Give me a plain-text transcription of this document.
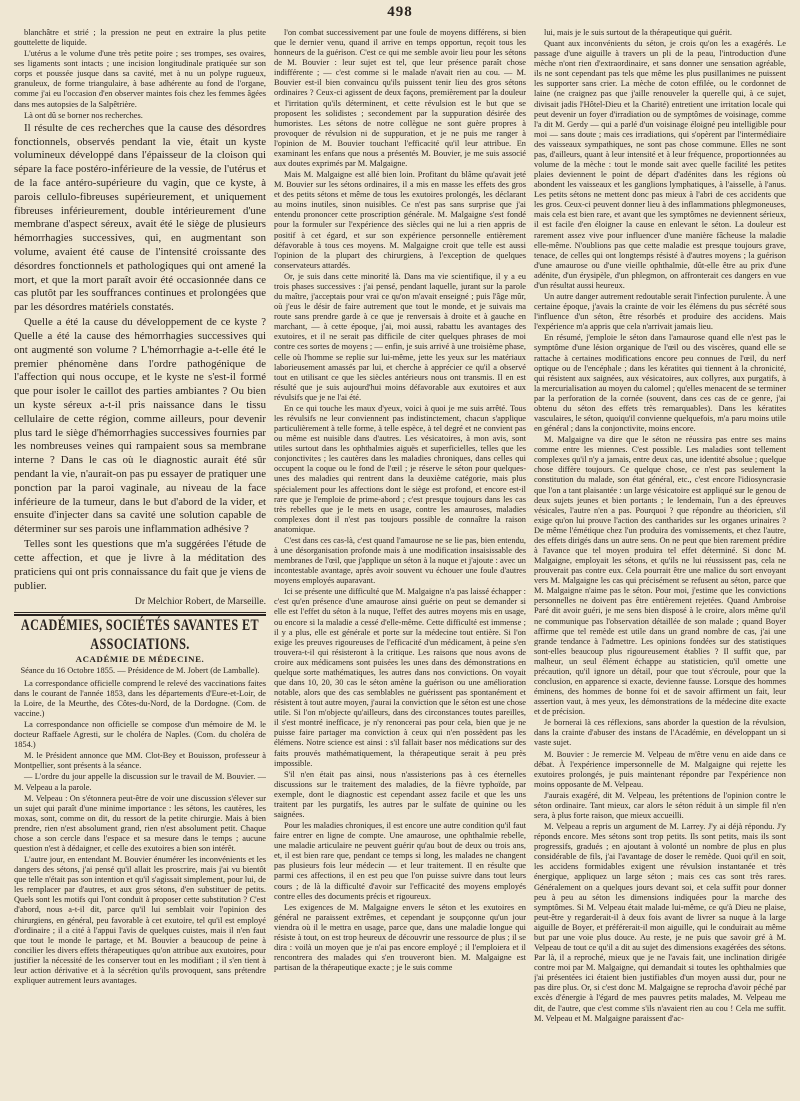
498

blanchâtre et strié ; la pression ne peut en extraire la plus petite gouttelette de liquide.

L'utérus a le volume d'une très petite poire ; ses trompes, ses ovaires, ses ligaments sont intacts ; une incision longitudinale pratiquée sur son corps et poussée jusque dans sa cavité, met à nu un polype rugueux, granuleux, de forme triangulaire, à base adhérente au fond de l'organe, comme j'ai eu l'occasion d'en observer maintes fois chez les femmes âgées dans mes autopsies de la Salpêtrière.

Là ont dû se borner nos recherches.

Il résulte de ces recherches que la cause des désordres fonctionnels, observés pendant la vie, était un kyste volumineux développé dans l'épaisseur de la cloison qui sépare la face postéro-inférieure de la vessie, de l'utérus et de la face antéro-supérieure du vagin, que ce kyste, à parois cellulo-fibreuses supérieurement, et uniquement fibreuses inférieurement, double intérieurement d'une membrane d'aspect séreux, avait été le siège de plusieurs hémorrhagies successives, qui, en augmentant son volume, avaient été cause de l'intensité croissante des désordres fonctionnels et pathologiques qui ont amené la mort, et que la mort paraît avoir été occasionnée dans ce cas plutôt par les souffrances continues et prolongées que par les désordres matériels constatés.

Quelle a été la cause du développement de ce kyste ? Quelle a été la cause des hémorrhagies successives qui ont augmenté son volume ? L'hémorrhagie a-t-elle été le premier phénomène dans l'ordre pathogénique de l'affection qui nous occupe, et le kyste ne s'est-il formé que pour isoler le caillot des parties ambiantes ? Ou bien un kyste séreux a-t-il pris naissance dans le tissu cellulaire de cette région, comme ailleurs, pour devenir plus tard le siège d'hémorrhagies successives fournies par les nombreuses veines qui rampaient sous sa membrane interne ? Dans le cas où le diagnostic aurait été sûr pendant la vie, n'aurait-on pas pu essayer de pratiquer une ponction par la paroi vaginale, au niveau de la face inférieure de la tumeur, dans le but d'abord de la vider, et ensuite d'injecter dans sa cavité une solution capable de déterminer sur ses parois une inflammation adhésive ?

Telles sont les questions que m'a suggérées l'étude de cette affection, et que je livre à la méditation des praticiens qui ont pris connaissance du fait que je viens de publier.

Dr Melchior Robert, de Marseille.
ACADÉMIES, SOCIÉTÉS SAVANTES ET ASSOCIATIONS.
ACADÉMIE DE MÉDECINE.
Séance du 16 Octobre 1855. — Présidence de M. Jobert (de Lamballe).

La correspondance officielle comprend le relevé des vaccinations faites dans le courant de l'année 1853, dans les départements d'Eure-et-Loir, de la Loire, de la Meurthe, des Côtes-du-Nord, de la Dordogne. (Com. de vaccine.)

La correspondance non officielle se compose d'un mémoire de M. le docteur Raffaele Agresti, sur le choléra de Naples. (Com. du choléra de 1854.)

M. le Président annonce que MM. Clot-Bey et Bouisson, professeur à Montpellier, sont présents à la séance.

— L'ordre du jour appelle la discussion sur le travail de M. Bouvier. — M. Velpeau a la parole.

M. Velpeau : On s'étonnera peut-être de voir une discussion s'élever sur un sujet qui paraît d'une minime importance : les sétons, les cautères, les moxas, sont, comme on dit, du ressort de la petite chirurgie. Mais à bien prendre, rien n'est absolument grand, rien n'est absolument petit. Chaque chose a son cercle dans l'espace et sa mesure dans le temps ; aucune question n'est à dédaigner, et celle des exutoires a bien son intérêt.

L'autre jour, en entendant M. Bouvier énumérer les inconvénients et les dangers des sétons, j'ai pensé qu'il allait les proscrire, mais j'ai vu bientôt que telle n'était pas son intention et qu'il s'agissait simplement, pour lui, de les remplacer par d'autres, et aux gros sétons, d'en substituer de petits. Quels sont les motifs qui l'ont conduit à proposer cette substitution ? C'est d'abord, nous a-t-il dit, parce qu'il lui semblait voir l'opinion des chirurgiens, en général, peu favorable à cet exutoire, tel qu'il est employé d'ordinaire ; il a cité à l'appui l'avis de quelques cuistes, mais il n'en faut que tout le monde le partage, et M. Bouvier a beaucoup de peine à concilier les divers effets thérapeutiques qu'on attribue aux exutoires, pour justifier la nécessité de les conserver tout en les modifiant ; il s'en tient à leur action dérivative et à la sécrétion qu'ils provoquent, sans prétendre expliquer autrement leurs avantages.

l'on combat successivement par une foule de moyens différens, si bien que le dernier venu, quand il arrive en temps opportun, reçoit tous les honneurs de la guérison. C'est ce qui me semble avoir lieu pour les sétons de M. Bouvier : leur sujet est tel, que leur présence paraît chose indifférente ; — c'est comme si le malade n'avait rien au cou. — M. Bouvier est-il bien convaincu qu'ils puissent tenir lieu des gros sétons ordinaires ? Ceux-ci agissent de deux façons, premièrement par la douleur et l'irritation qu'ils déterminent, et cette révulsion est le but que se proposent les solidistes ; secondement par la suppuration désirée des humoristes. Les sétons de notre collègue ne sont guère propres à provoquer de révulsion ni de suppuration, et je ne puis me ranger à l'opinion de M. Bouvier touchant l'efficacité qu'il leur attribue. En examinant les enfans que nous a présentés M. Bouvier, je me suis associé aux doutes exprimés par M. Malgaigne.

Mais M. Malgaigne est allé bien loin. Profitant du blâme qu'avait jeté M. Bouvier sur les sétons ordinaires, il a mis en masse les effets des gros et des petits sétons et même de tous les exutoires prolongés, les déclarant au moins inutiles, sinon nuisibles. Ce n'est pas sans surprise que j'ai entendu prononcer cette proscription générale. M. Malgaigne s'est fondé pour la formuler sur l'expérience des siècles qui ne lui a rien appris de positif à cet égard, et sur son expérience personnelle entièrement défavorable à tous ces moyens. M. Malgaigne croit que telle est aussi l'opinion de la plupart des chirurgiens, à l'exception de quelques conservateurs attardés.

Or, je suis dans cette minorité là. Dans ma vie scientifique, il y a eu trois phases successives : j'ai pensé, pendant laquelle, jurant sur la parole du maître, j'acceptais pour vrai ce qu'on m'avait enseigné ; puis l'âge mûr, où j'eus le désir de faire autrement que tout le monde, et je suivais ma route sans prendre garde à ce que je renversais à droite et à gauche en marchant, — à cette époque, j'ai, moi aussi, rabattu les avantages des exutoires, et il ne serait pas difficile de citer quelques phrases de moi contre ces sortes de moyens ; — enfin, je suis arrivé à une troisième phase, celle où l'homme se replie sur lui-même, jette les yeux sur les matériaux laborieusement amassés par lui, et cherche à apprécier ce qu'il a observé tout en utilisant ce que les siècles antérieurs nous ont transmis. Il en est résulté que je suis aujourd'hui moins défavorable aux exutoires et aux révulsifs que je ne l'ai été.

En ce qui touche les maux d'yeux, voici à quoi je me suis arrêté. Tous les révulsifs ne leur conviennent pas indistinctement, chacun s'applique particulièrement à telle forme, à telle espèce, à tel degré et ne convient pas ou même est nuisible dans d'autres. Les vésicatoires, à mon avis, sont utiles surtout dans les ophthalmies aiguës et superficielles, telles que les conjonctivites ; les cautères dans les maladies chroniques, dans celles qui occupent la coque ou le fond de l'œil ; je réserve le séton pour quelques-unes des maladies qui rentrent dans la deuxième catégorie, mais plus spécialement pour les affections dont le siège est profond, et encore est-il rare que je l'emploie de prime-abord ; c'est presque toujours dans les cas très rebelles que je le mets en usage, contre les amauroses, maladies complexes dont il n'est pas toujours possible de connaître la raison anatomique.

C'est dans ces cas-là, c'est quand l'amaurose ne se lie pas, bien entendu, à une désorganisation profonde mais à une modification insaisissable des membranes de l'œil, que j'applique un séton à la nuque et j'ajoute : avec un incontestable avantage, après avoir souvent vu échouer une foule d'autres moyens employés auparavant.

Ici se présente une difficulté que M. Malgaigne n'a pas laissé échapper : c'est qu'en présence d'une amaurose ainsi guérie on peut se demander si elle est l'effet du séton à la nuque, l'effet des autres moyens mis en usage, ou encore si la maladie a cessé d'elle-même. Cette difficulté est immense ; il y a plus, elle est générale et porte sur la médecine tout entière. Si l'on exige les preuves rigoureuses de l'efficacité d'un médicament, à peine s'en trouvera-t-il qui résisteront à la critique. Les raisons que nous avons de croire aux médicamens sont puisées les unes dans des démonstrations en quelque sorte mathématiques, les autres dans nos convictions. On voyait que dans 10, 20, 30 cas le séton amène la guérison ou une amélioration notable, alors que des cas semblables ne guérissent pas spontanément et résistent à tout autre moyen, j'aurai la conviction que le séton est une chose utile. Si l'on m'objecte qu'ailleurs, dans des circonstances toutes pareilles, il s'est montré inefficace, je n'y renoncerai pas pour cela, bien que je ne puisse faire partager ma conviction à ceux qui n'en possèdent pas les élémens. Notre science est ainsi : s'il fallait baser nos médications sur des faits prouvés mathématiquement, la thérapeutique serait à peu près impossible.

S'il n'en était pas ainsi, nous n'assisterions pas à ces éternelles discussions sur le traitement des maladies, de la fièvre typhoïde, par exemple, dont le diagnostic est cependant assez facile et que les uns traitent par les purgatifs, les autres par le sulfate de quinine ou les saignées.

Pour les maladies chroniques, il est encore une autre condition qu'il faut faire entrer en ligne de compte. Une amaurose, une ophthalmie rebelle, une maladie articulaire ne peuvent guérir qu'au bout de deux ou trois ans, et, il est bien rare que, pendant ce temps si long, les malades ne changent pas plusieurs fois leur médecin — et leur traitement. Il en résulte que parmi ces affections, il en est peu que l'on puisse suivre dans tout leurs cours ; de là la difficulté d'avoir sur l'efficacité des moyens employés contre elles des documents précis et rigoureux.

Les exigences de M. Malgaigne envers le séton et les exutoires en général ne paraissent extrêmes, et cependant je soupçonne qu'un jour viendra où il le mettra en usage, parce que, dans une maladie longue qui résiste à tout, on est trop heureux de découvrir une ressource de plus ; il se dira : voilà un moyen que je n'ai pas encore employé ; il l'emploiera et il rencontrera des malades qui s'en trouveront bien. M. Malgaigne est partisan de la thérapeutique exacte ; je le suis comme

lui, mais je le suis surtout de la thérapeutique qui guérit.

Quant aux inconvénients du séton, je crois qu'on les a exagérés. Le passage d'une aiguille à travers un pli de la peau, l'introduction d'une mèche n'ont rien d'extraordinaire, et sans donner une sensation agréable, ils ne sont cependant pas tels que même les plus pusillanimes ne puissent les supporter sans crier. La mèche de coton effilée, ou le cordonnet de laine (ne craignez pas que j'aille renouveler la querelle qui, à ce sujet, divisait jadis l'Hôtel-Dieu et la Charité) entretient une irritation locale qui peut devenir un foyer d'irradiation ou de symptômes de voisinage, comme l'a dit M. Gerdy — qui a parlé d'un voisinage éloigné peu intelligible pour moi — sans doute ; mais ces irradiations, qui s'opèrent par l'intermédiaire des vaisseaux sympathiques, ne sont pas chose commune. Elles ne sont pas, d'ailleurs, quant à leur intensité et à leur fréquence, proportionnées au volume de la mèche : tout le monde sait avec quelle facilité les petites plaies deviennent le point de départ d'adénites dans les régions où abondent les vaisseaux et les ganglions lymphatiques, à l'aisselle, à l'anus. Les petits sétons ne mettent donc pas mieux à l'abri de ces accidents que les gros. Ceux-ci peuvent donner lieu à des inflammations phlegmoneuses, mais cela est bien rare, et avant que les symptômes ne deviennent sérieux, il est facile d'en éloigner la cause en enlevant le séton. La douleur est rarement assez vive pour influencer d'une manière fâcheuse la maladie elle-même. N'oublions pas que cette maladie est presque toujours grave, tenace, de celles qui ont longtemps résisté à d'autres moyens ; la guérison d'une amaurose ou d'une vieille ophthalmie, dût-elle être au prix d'une adénite, d'un érysipèle, d'un phlegmon, on affronterait ces dangers en vue d'un résultat aussi heureux.

Un autre danger autrement redoutable serait l'infection purulente. À une certaine époque, j'avais la crainte de voir les élémens du pus sécrété sous l'influence d'un séton, être résorbés et produire des accidens. Mais l'expérience m'a appris que cela n'arrivait jamais lieu.

En résumé, j'emploie le séton dans l'amaurose quand elle n'est pas le symptôme d'une lésion organique de l'œil ou des viscères, quand elle se rattache à certaines modifications encore peu connues de l'œil, du nerf optique ou de l'encéphale ; dans les kératites qui tiennent à la chronicité, qui résistent aux saignées, aux vésicatoires, aux collyres, aux purgatifs, à la mercurialisation au moyen du calomel ; qu'elles menacent de se terminer par la perforation de la cornée (souvent, dans ces cas de ce genre, j'ai obtenu du séton des effets très remarquables). Dans les kératites vasculaires, le séton, quoiqu'il convienne quelquefois, m'a paru moins utile en général ; dans la conjonctivite, moins encore.

M. Malgaigne va dire que le séton ne réussira pas entre ses mains comme entre les miennes. C'est possible. Les maladies sont tellement complexes qu'il n'y a jamais, entre deux cas, une identité absolue ; quelque chose diffère toujours. Ce quelque chose, ce n'est pas seulement la constitution du malade, son état général, etc., c'est encore l'idiosyncrasie que l'on a tant plaisantée : un large vésicatoire est appliqué sur le genou de deux sujets jeunes et bien portants ; le lendemain, l'un a des épreuves vésicales, l'autre n'en a pas. Pourquoi ? que répondre au théoricien, s'il exige qu'on lui prouve l'action des cantharides sur les organes urinaires ? De même l'émétique chez l'un produira des vomissements, et chez l'autre, des effets dirigés dans un autre sens. On ne peut que bien rarement prédire à l'avance que tel moyen produira tel effet déterminé. Si donc M. Malgaigne, employait les sétons, et qu'ils ne lui réussissent pas, cela ne prouverait pas contre eux. Cela pourrait être une malice du sort envoyant vers M. Malgaigne les cas qui précisément se refusent au séton, parce que M. Malgaigne n'aime pas le séton. Pour moi, j'estime que les convictions personnelles ne doivent pas être entièrement rejetées. Quand Ambroise Paré dit avoir guéri, je me sens bien disposé à le croire, alors même qu'il ne communique pas l'observation détaillée de son malade ; quand Boyer affirme que tel remède est utile dans un grand nombre de cas, j'ai une grande tendance à l'admettre. Les opinions fondées sur des statistiques sont-elles beaucoup plus rigoureusement établies ? Il suffit que, par malheur, un seul élément échappe au statisticien, qu'il omette une précaution, qu'il ignore un détail, pour que tout s'écroule, pour que la conclusion, en apparence si exacte, devienne fausse. Lorsque des hommes éminens, des hommes de bonne foi et de savoir affirment un fait, leur assertion vaut, à mes yeux, les démonstrations de la médecine dite exacte et de précision.

Je bornerai là ces réflexions, sans aborder la question de la révulsion, dans la crainte d'abuser des instans de l'Académie, en développant un si vaste sujet.

M. Bouvier : Je remercie M. Velpeau de m'être venu en aide dans ce débat. À l'expérience impersonnelle de M. Malgaigne qui rejette les exutoires prolongés, je puis maintenant répondre par l'expérience non moins opposante de M. Velpeau.

J'aurais exagéré, dit M. Velpeau, les prétentions de l'opinion contre le séton ordinaire. Tant mieux, car alors le séton réduit à un simple fil n'en sera, à plus forte raison, que mieux accueilli.

M. Velpeau a repris un argument de M. Larrey. J'y ai déjà répondu. J'y réponds encore. Mes sétons sont trop petits. Ils sont petits, mais ils sont progressifs, gradués ; en ajoutant à volonté un nombre de plus en plus considérable de fils, j'ai l'avantage de doser le remède. Quoi qu'il en soit, les accidens formidables exigent une révulsion instantanée et très énergique, appliquez un large séton ; mais ces cas sont très rares. Généralement on a quelques jours devant soi, et cela suffit pour donner peu à peu au séton les dimensions indiquées pour la marche des symptômes. Si M. Velpeau était malade lui-même, ce qu'à Dieu ne plaise, peut-être y regarderait-il à deux fois avant de livrer sa nuque à la large aiguille de Boyer, et préférerait-il mon aiguille, qui le conduirait au même but par une voie plus douce. Au reste, je ne puis que savoir gré à M. Velpeau de tout ce qu'il a dit au sujet des dimensions exagérées des sétons. Par là, il a reproché, mieux que je ne l'avais fait, une inclination dirigée contre moi par M. Malgaigne, qui demandait si toutes les ophthalmies que j'ai présentées ici étaient bien justifiables d'un moyen aussi dur, pour ne pas dire plus. Or, si c'est donc M. Malgaigne se reprocha d'avoir péché par excès d'énergie à l'égard de mes pauvres petits malades, M. Velpeau me dit, de l'autre, que c'est comme s'ils n'avaient rien au cou ! Cela me suffit. M. Velpeau et M. Malgaigne paraissent d'ac-
